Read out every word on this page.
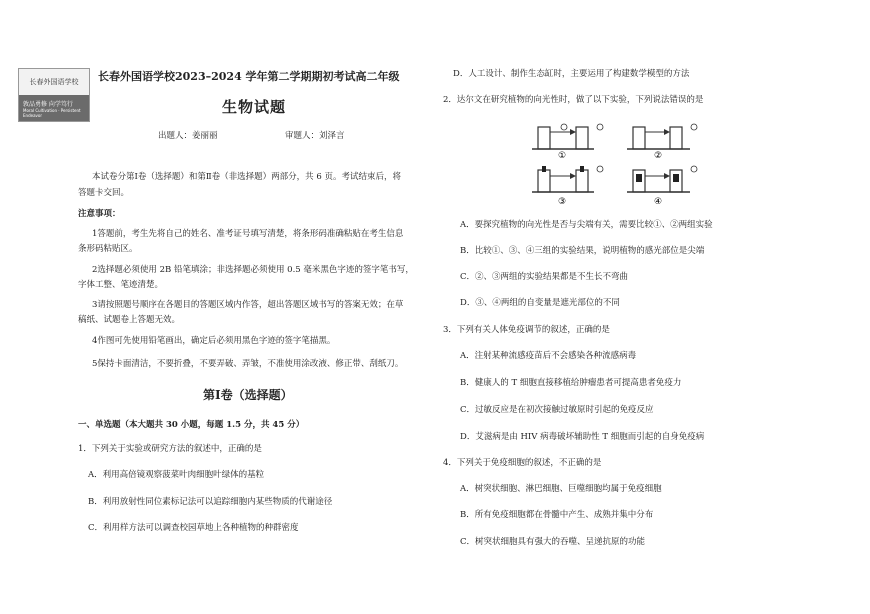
长春外国语学校
敦品勇修 向学笃行
Moral Cultivation · Persistent Endeavor
长春外国语学校2023–2024 学年第二学期期初考试高二年级
生物试题
出题人：姜丽丽	审题人：刘泽言
本试卷分第Ⅰ卷（选择题）和第Ⅱ卷（非选择题）两部分，共 6 页。考试结束后，将
答题卡交回。
注意事项：
1答题前，考生先将自己的姓名、准考证号填写清楚，将条形码准确粘贴在考生信息
条形码粘贴区。
2选择题必须使用 2B 铅笔填涂；非选择题必须使用 0.5 毫米黑色字迹的签字笔书写，
字体工整、笔迹清楚。
3请按照题号顺序在各题目的答题区域内作答，超出答题区域书写的答案无效；在草
稿纸、试题卷上答题无效。
4作图可先使用铅笔画出，确定后必须用黑色字迹的签字笔描黑。
5保持卡面清洁，不要折叠，不要弄破、弄皱，不准使用涂改液、修正带、刮纸刀。
第Ⅰ卷（选择题）
一、单选题（本大题共 30 小题，每题 1.5 分，共 45 分）
1．下列关于实验或研究方法的叙述中，正确的是
A．利用高倍镜观察菠菜叶肉细胞叶绿体的基粒
B．利用放射性同位素标记法可以追踪细胞内某些物质的代谢途径
C．利用样方法可以调查校园草地上各种植物的种群密度
D．人工设计、制作生态缸时，主要运用了构建数学模型的方法
2．达尔文在研究植物的向光性时，做了以下实验，下列说法错误的是
①	②
③	④
A．要探究植物的向光性是否与尖端有关，需要比较①、②两组实验
B．比较①、③、④三组的实验结果，说明植物的感光部位是尖端
C．②、③两组的实验结果都是不生长不弯曲
D．③、④两组的自变量是遮光部位的不同
3．下列有关人体免疫调节的叙述，正确的是
A．注射某种流感疫苗后不会感染各种流感病毒
B．健康人的 T 细胞直接移植给肿瘤患者可提高患者免疫力
C．过敏反应是在初次接触过敏原时引起的免疫反应
D．艾滋病是由 HIV 病毒破坏辅助性 T 细胞而引起的自身免疫病
4．下列关于免疫细胞的叙述，不正确的是
A．树突状细胞、淋巴细胞、巨噬细胞均属于免疫细胞
B．所有免疫细胞都在骨髓中产生、成熟并集中分布
C．树突状细胞具有强大的吞噬、呈递抗原的功能
